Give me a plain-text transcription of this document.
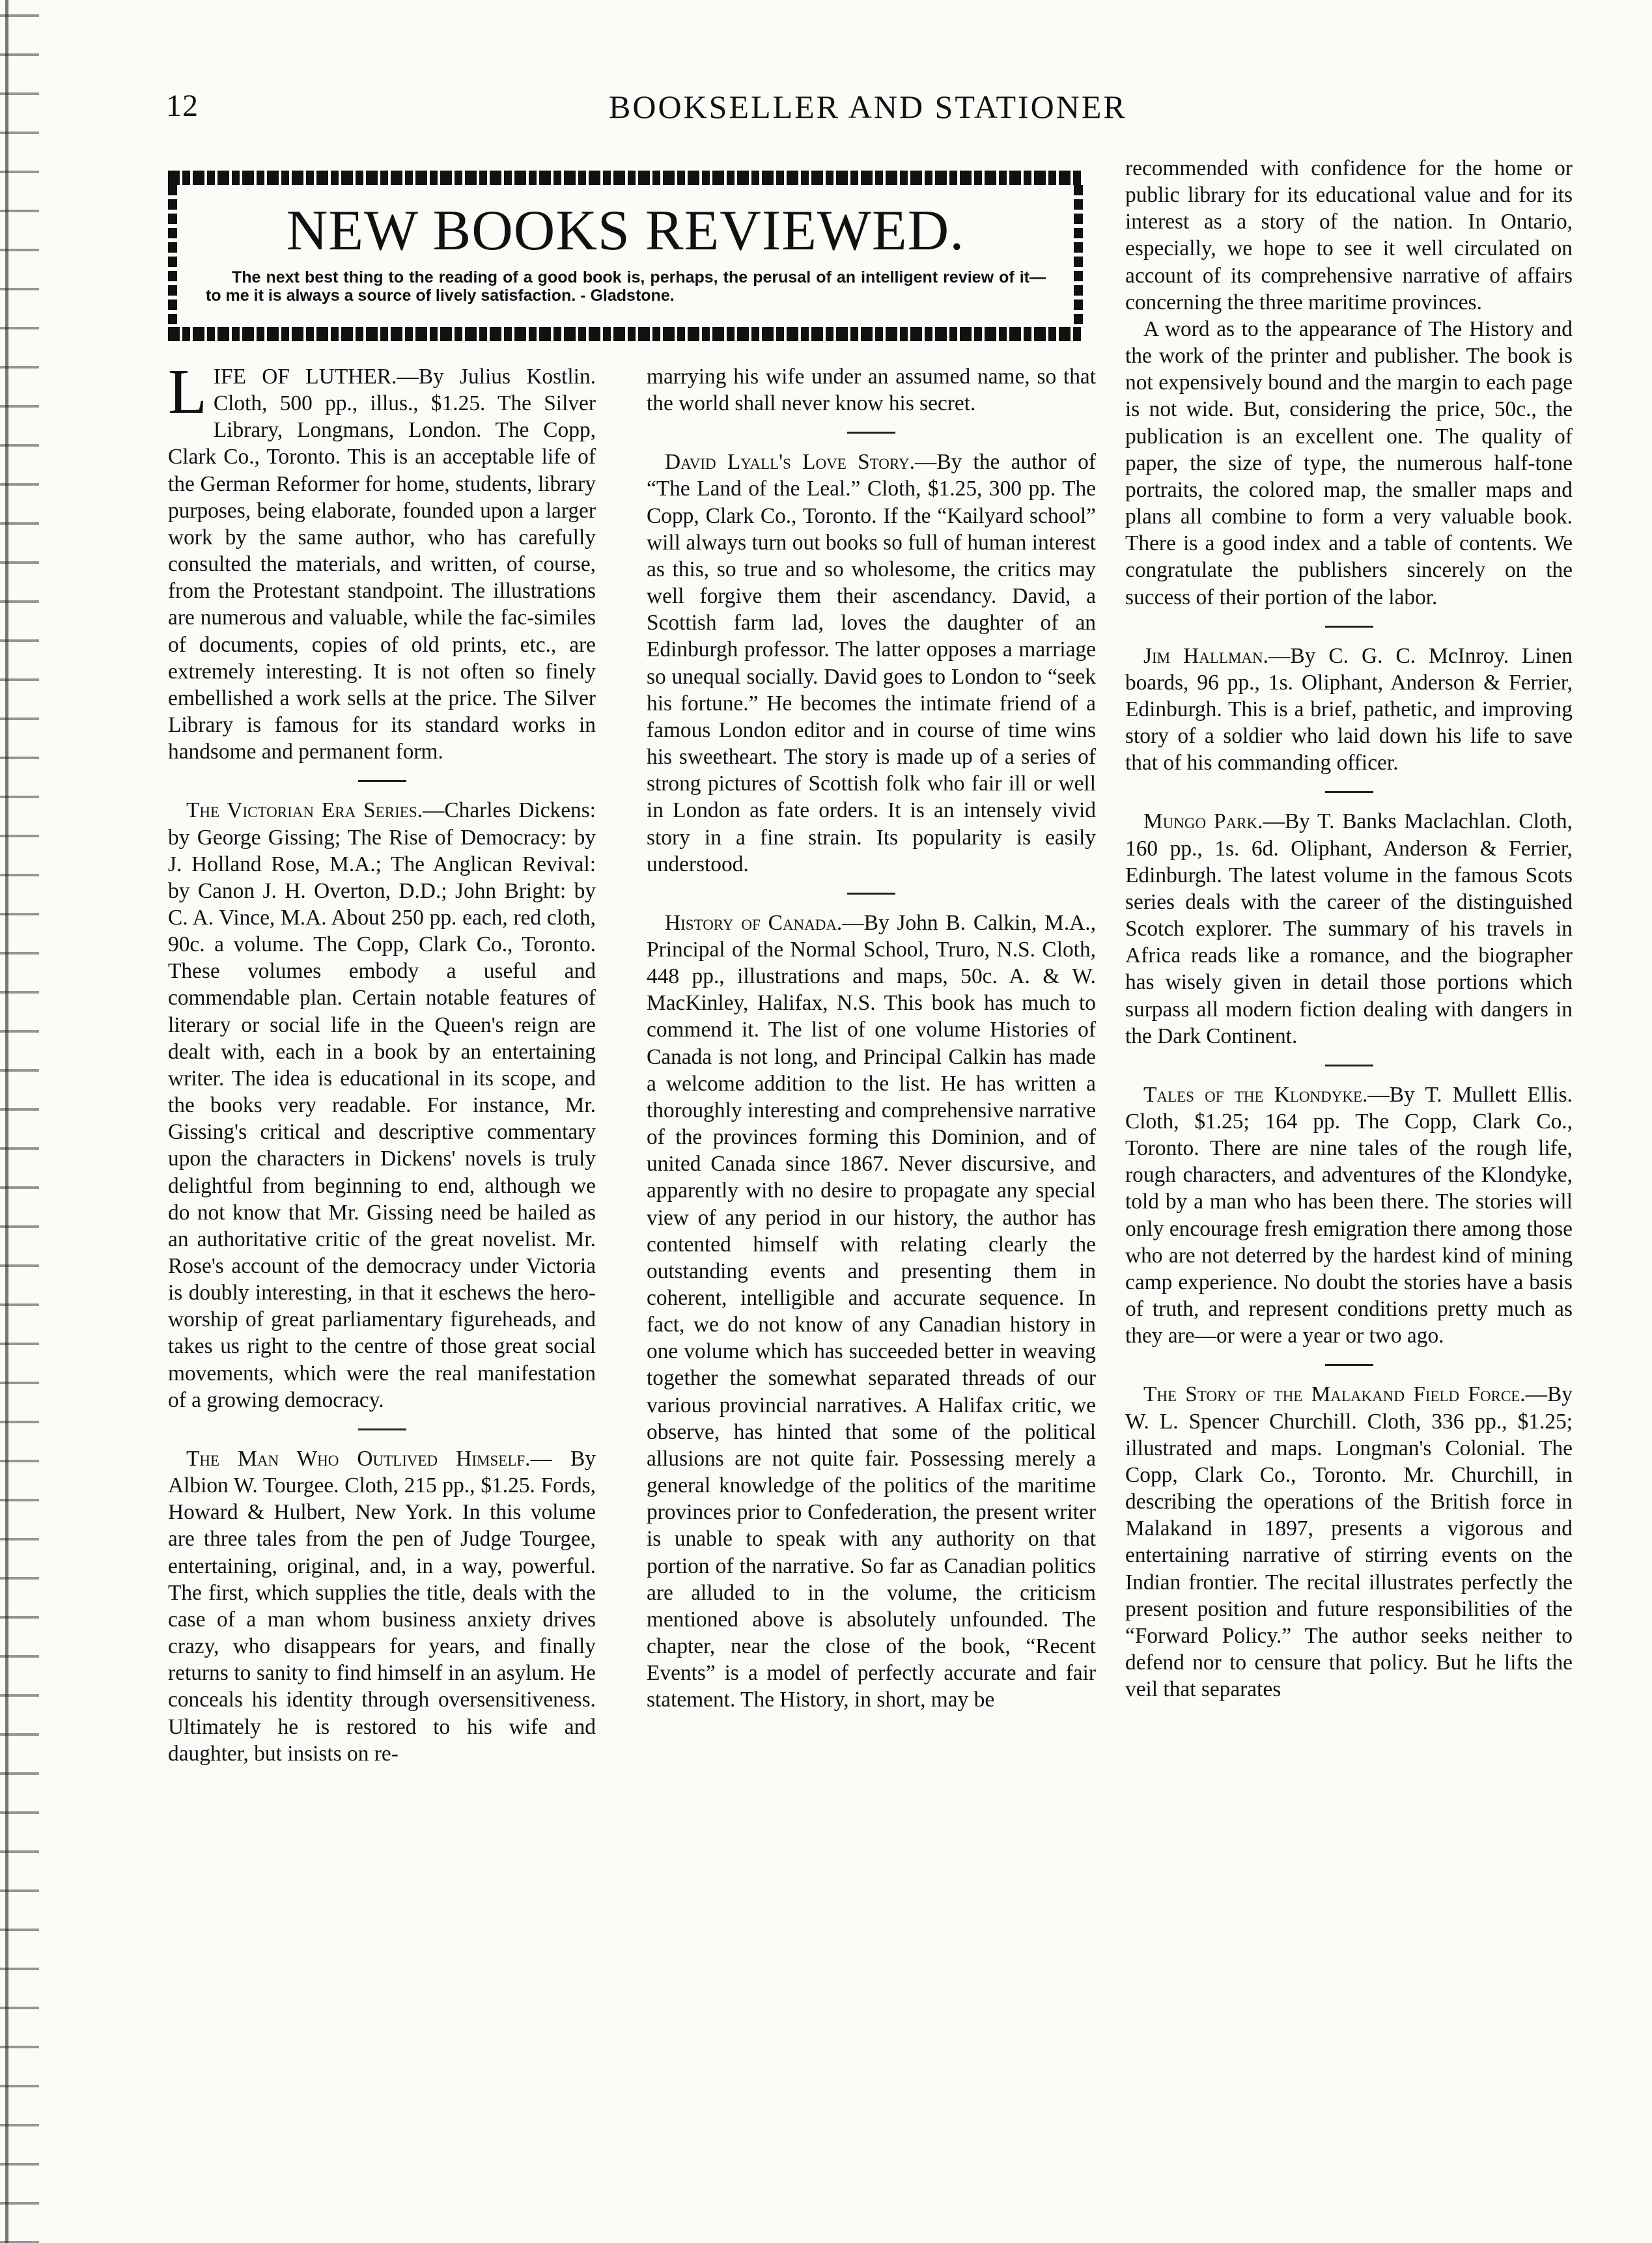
12	BOOKSELLER AND STATIONER
NEW BOOKS REVIEWED.
The next best thing to the reading of a good book is, perhaps, the perusal of an intelligent review of it—to me it is always a source of lively satisfaction. - Gladstone.

LIFE OF LUTHER.—By Julius Kostlin. Cloth, 500 pp., illus., $1.25. The Silver Library, Longmans, London. The Copp, Clark Co., Toronto. This is an acceptable life of the German Reformer for home, students, library purposes, being elaborate, founded upon a larger work by the same author, who has carefully consulted the materials, and written, of course, from the Protestant standpoint. The illustrations are numerous and valuable, while the fac-similes of documents, copies of old prints, etc., are extremely interesting. It is not often so finely embellished a work sells at the price. The Silver Library is famous for its standard works in handsome and permanent form.

The Victorian Era Series.—Charles Dickens: by George Gissing; The Rise of Democracy: by J. Holland Rose, M.A.; The Anglican Revival: by Canon J. H. Overton, D.D.; John Bright: by C. A. Vince, M.A. About 250 pp. each, red cloth, 90c. a volume. The Copp, Clark Co., Toronto. These volumes embody a useful and commendable plan. Certain notable features of literary or social life in the Queen's reign are dealt with, each in a book by an entertaining writer. The idea is educational in its scope, and the books very readable. For instance, Mr. Gissing's critical and descriptive commentary upon the characters in Dickens' novels is truly delightful from beginning to end, although we do not know that Mr. Gissing need be hailed as an authoritative critic of the great novelist. Mr. Rose's account of the democracy under Victoria is doubly interesting, in that it eschews the hero-worship of great parliamentary figureheads, and takes us right to the centre of those great social movements, which were the real manifestation of a growing democracy.

The Man Who Outlived Himself.— By Albion W. Tourgee. Cloth, 215 pp., $1.25. Fords, Howard & Hulbert, New York. In this volume are three tales from the pen of Judge Tourgee, entertaining, original, and, in a way, powerful. The first, which supplies the title, deals with the case of a man whom business anxiety drives crazy, who disappears for years, and finally returns to sanity to find himself in an asylum. He conceals his identity through oversensitiveness. Ultimately he is restored to his wife and daughter, but insists on re-

marrying his wife under an assumed name, so that the world shall never know his secret.

David Lyall's Love Story.—By the author of “The Land of the Leal.” Cloth, $1.25, 300 pp. The Copp, Clark Co., Toronto. If the “Kailyard school” will always turn out books so full of human interest as this, so true and so wholesome, the critics may well forgive them their ascendancy. David, a Scottish farm lad, loves the daughter of an Edinburgh professor. The latter opposes a marriage so unequal socially. David goes to London to “seek his fortune.” He becomes the intimate friend of a famous London editor and in course of time wins his sweetheart. The story is made up of a series of strong pictures of Scottish folk who fair ill or well in London as fate orders. It is an intensely vivid story in a fine strain. Its popularity is easily understood.

History of Canada.—By John B. Calkin, M.A., Principal of the Normal School, Truro, N.S. Cloth, 448 pp., illustrations and maps, 50c. A. & W. MacKinley, Halifax, N.S. This book has much to commend it. The list of one volume Histories of Canada is not long, and Principal Calkin has made a welcome addition to the list. He has written a thoroughly interesting and comprehensive narrative of the provinces forming this Dominion, and of united Canada since 1867. Never discursive, and apparently with no desire to propagate any special view of any period in our history, the author has contented himself with relating clearly the outstanding events and presenting them in coherent, intelligible and accurate sequence. In fact, we do not know of any Canadian history in one volume which has succeeded better in weaving together the somewhat separated threads of our various provincial narratives. A Halifax critic, we observe, has hinted that some of the political allusions are not quite fair. Possessing merely a general knowledge of the politics of the maritime provinces prior to Confederation, the present writer is unable to speak with any authority on that portion of the narrative. So far as Canadian politics are alluded to in the volume, the criticism mentioned above is absolutely unfounded. The chapter, near the close of the book, “Recent Events” is a model of perfectly accurate and fair statement. The History, in short, may be

recommended with confidence for the home or public library for its educational value and for its interest as a story of the nation. In Ontario, especially, we hope to see it well circulated on account of its comprehensive narrative of affairs concerning the three maritime provinces.

A word as to the appearance of The History and the work of the printer and publisher. The book is not expensively bound and the margin to each page is not wide. But, considering the price, 50c., the publication is an excellent one. The quality of paper, the size of type, the numerous half-tone portraits, the colored map, the smaller maps and plans all combine to form a very valuable book. There is a good index and a table of contents. We congratulate the publishers sincerely on the success of their portion of the labor.

Jim Hallman.—By C. G. C. McInroy. Linen boards, 96 pp., 1s. Oliphant, Anderson & Ferrier, Edinburgh. This is a brief, pathetic, and improving story of a soldier who laid down his life to save that of his commanding officer.

Mungo Park.—By T. Banks Maclachlan. Cloth, 160 pp., 1s. 6d. Oliphant, Anderson & Ferrier, Edinburgh. The latest volume in the famous Scots series deals with the career of the distinguished Scotch explorer. The summary of his travels in Africa reads like a romance, and the biographer has wisely given in detail those portions which surpass all modern fiction dealing with dangers in the Dark Continent.

Tales of the Klondyke.—By T. Mullett Ellis. Cloth, $1.25; 164 pp. The Copp, Clark Co., Toronto. There are nine tales of the rough life, rough characters, and adventures of the Klondyke, told by a man who has been there. The stories will only encourage fresh emigration there among those who are not deterred by the hardest kind of mining camp experience. No doubt the stories have a basis of truth, and represent conditions pretty much as they are—or were a year or two ago.

The Story of the Malakand Field Force.—By W. L. Spencer Churchill. Cloth, 336 pp., $1.25; illustrated and maps. Longman's Colonial. The Copp, Clark Co., Toronto. Mr. Churchill, in describing the operations of the British force in Malakand in 1897, presents a vigorous and entertaining narrative of stirring events on the Indian frontier. The recital illustrates perfectly the present position and future responsibilities of the “Forward Policy.” The author seeks neither to defend nor to censure that policy. But he lifts the veil that separates
